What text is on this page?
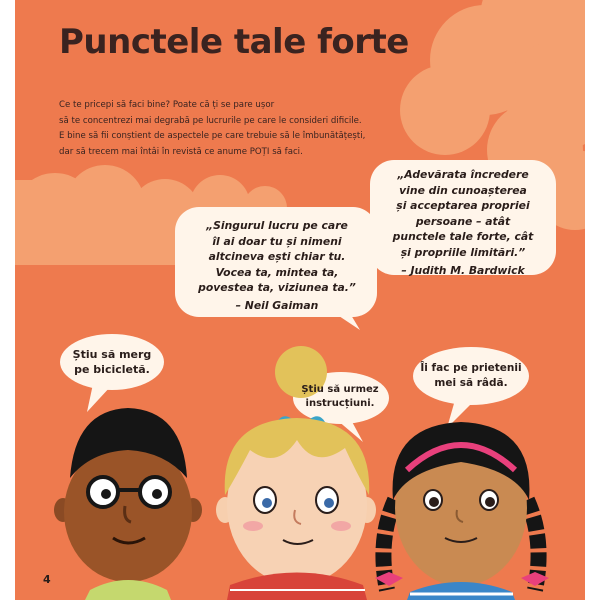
Punctele tale forte

Ce te pricepi să faci bine? Poate că ți se pare ușor

să te concentrezi mai degrabă pe lucrurile pe care le consideri dificile.

E bine să fii conștient de aspectele pe care trebuie să le îmbunătățești,

dar să trecem mai întâi în revistă ce anume POȚI să faci.

„Singurul lucru pe care

îl ai doar tu și nimeni

altcineva ești chiar tu.

Vocea ta, mintea ta,

povestea ta, viziunea ta.”

– Neil Gaiman

„Adevărata încredere

vine din cunoașterea

și acceptarea propriei

persoane – atât

punctele tale forte, cât

și propriile limitări.”

– Judith M. Bardwick

Știu să merg

pe bicicletă.

Știu să urmez

instrucțiuni.

Îi fac pe prietenii

mei să râdă.

4
